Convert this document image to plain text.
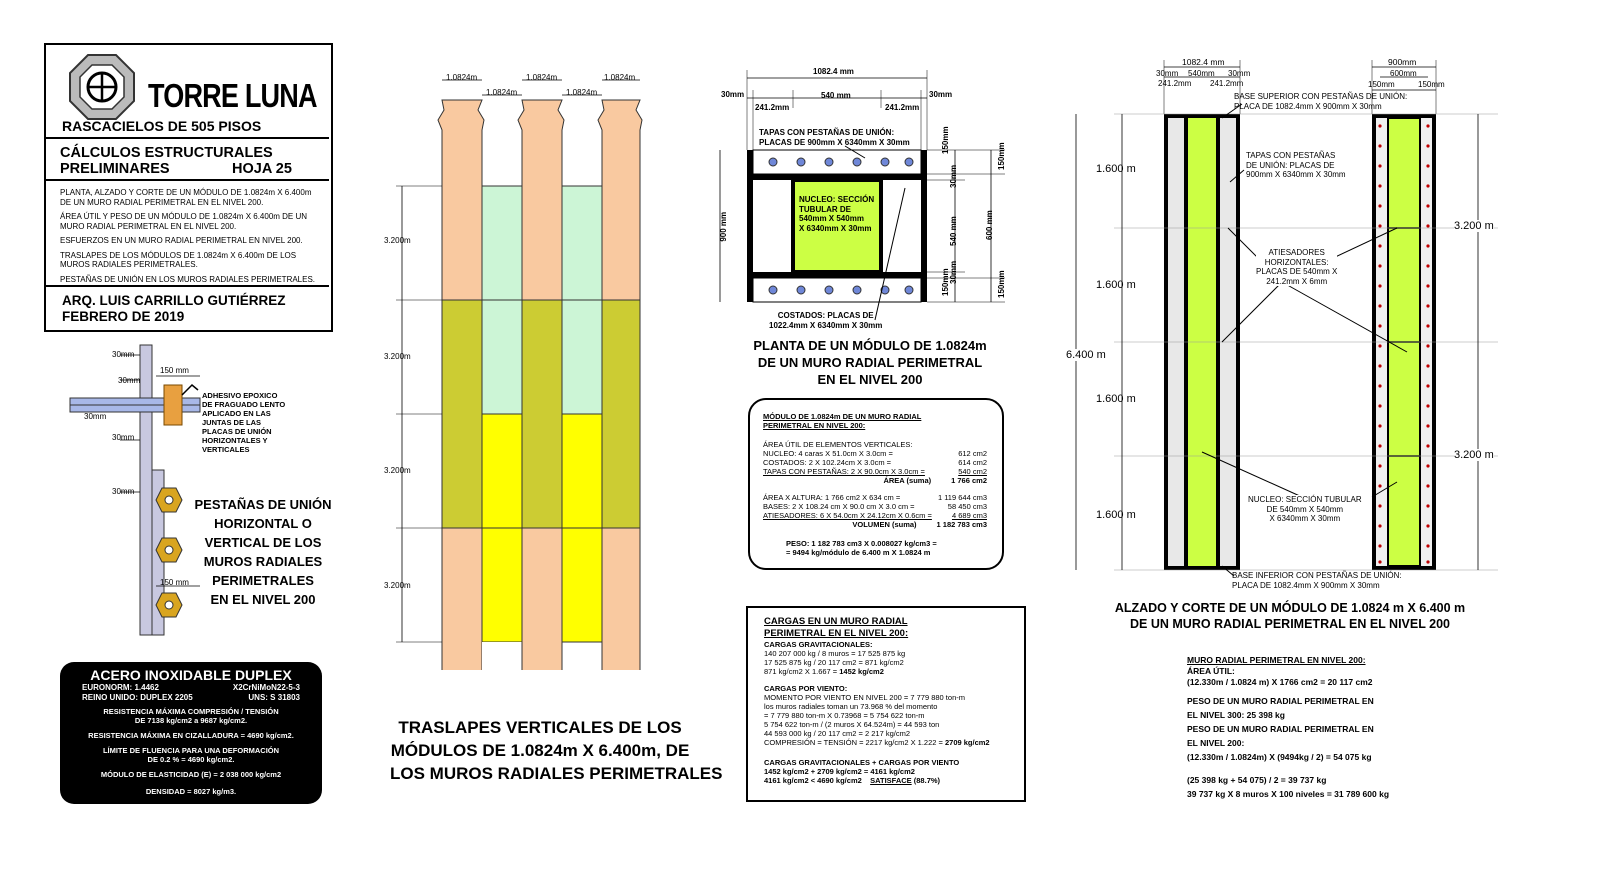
TORRE LUNA
RASCACIELOS DE 505 PISOS
CÁLCULOS ESTRUCTURALES
PRELIMINARES	HOJA 25
PLANTA, ALZADO Y CORTE DE UN MÓDULO DE 1.0824m X 6.400m DE UN MURO RADIAL PERIMETRAL EN EL NIVEL 200.
ÁREA ÚTIL Y PESO DE UN MÓDULO DE 1.0824m X 6.400m DE UN MURO RADIAL PERIMETRAL EN EL NIVEL 200.
ESFUERZOS EN UN MURO RADIAL PERIMETRAL EN NIVEL 200.
TRASLAPES DE LOS MÓDULOS DE 1.0824m X 6.400m DE LOS MUROS RADIALES PERIMETRALES.
PESTAÑAS DE UNIÓN EN LOS MUROS RADIALES PERIMETRALES.
ARQ. LUIS CARRILLO GUTIÉRREZ
FEBRERO DE 2019
30mm
30mm
30mm
30mm
30mm
150 mm
150 mm
ADHESIVO EPOXICO
DE FRAGUADO LENTO
APLICADO EN LAS
JUNTAS DE LAS
PLACAS DE UNIÓN
HORIZONTALES Y
VERTICALES
PESTAÑAS DE UNIÓN
HORIZONTAL O
VERTICAL DE LOS
MUROS RADIALES
PERIMETRALES
EN EL NIVEL 200
ACERO INOXIDABLE DUPLEX
EURONORM: 1.4462	X2CrNiMoN22-5-3
REINO UNIDO: DUPLEX 2205	UNS: S 31803
RESISTENCIA MÁXIMA COMPRESIÓN / TENSIÓN
DE 7138 kg/cm2 a 9687 kg/cm2.
RESISTENCIA MÁXIMA EN CIZALLADURA = 4690 kg/cm2.
LÍMITE DE FLUENCIA PARA UNA DEFORMACIÓN
DE 0.2 % = 4690 kg/cm2.
MÓDULO DE ELASTICIDAD (E) = 2 038 000 kg/cm2
DENSIDAD = 8027 kg/m3.
1.0824m
1.0824m
1.0824m
1.0824m
1.0824m
3.200m
3.200m
3.200m
3.200m
TRASLAPES VERTICALES DE LOS
MÓDULOS DE 1.0824m X 6.400m, DE
LOS MUROS RADIALES PERIMETRALES
1082.4 mm
30mm	30mm
241.2mm
540 mm
241.2mm
900 mm
150mm
30mm
540 mm
30mm
150mm
150mm
600 mm
150mm
TAPAS CON PESTAÑAS DE UNIÓN:
PLACAS DE 900mm X 6340mm X 30mm
NUCLEO: SECCIÓN
TUBULAR DE
540mm X 540mm
X 6340mm X 30mm
COSTADOS: PLACAS DE
1022.4mm X 6340mm X 30mm
PLANTA DE UN MÓDULO DE 1.0824m
DE UN MURO RADIAL PERIMETRAL
EN EL NIVEL 200
MÓDULO DE 1.0824m DE UN MURO RADIAL
PERIMETRAL EN NIVEL 200:
ÁREA ÚTIL DE ELEMENTOS VERTICALES:
NUCLEO: 4 caras X 51.0cm X 3.0cm =	612 cm2
COSTADOS: 2 X 102.24cm X 3.0cm =	614 cm2
TAPAS CON PESTAÑAS: 2 X 90.0cm X 3.0cm =	540 cm2
ÁREA (suma)	1 766 cm2
ÁREA X ALTURA: 1 766 cm2 X 634 cm =	1 119 644 cm3
BASES: 2 X 108.24 cm X 90.0 cm X 3.0 cm =	58 450 cm3
ATIESADORES: 6 X 54.0cm X 24.12cm X 0.6cm =	4 689 cm3
VOLUMEN (suma)	1 182 783 cm3
PESO: 1 182 783 cm3 X 0.008027 kg/cm3 =
= 9494 kg/módulo de 6.400 m X 1.0824 m
CARGAS EN UN MURO RADIAL
PERIMETRAL EN EL NIVEL 200:
CARGAS GRAVITACIONALES:
140 207 000 kg / 8 muros = 17 525 875 kg
17 525 875 kg / 20 117 cm2 = 871 kg/cm2
871 kg/cm2 X 1.667 = 1452 kg/cm2
CARGAS POR VIENTO:
MOMENTO POR VIENTO EN NIVEL 200 = 7 779 880 ton-m
los muros radiales toman un 73.968 % del momento
= 7 779 880 ton-m X 0.73968 = 5 754 622 ton-m
5 754 622 ton-m / (2 muros X 64.524m) = 44 593 ton
44 593 000 kg / 20 117 cm2 = 2 217 kg/cm2
COMPRESIÓN = TENSIÓN = 2217 kg/cm2 X 1.222 = 2709 kg/cm2
CARGAS GRAVITACIONALES + CARGAS POR VIENTO
1452 kg/cm2 + 2709 kg/cm2 = 4161 kg/cm2
4161 kg/cm2 < 4690 kg/cm2 SATISFACE (88.7%)
1082.4 mm
30mm 540mm 30mm
241.2mm 241.2mm
900mm
600mm
150mm	150mm
1.600 m
1.600 m
1.600 m
1.600 m
6.400 m
3.200 m
3.200 m
BASE SUPERIOR CON PESTAÑAS DE UNIÓN:
PLACA DE 1082.4mm X 900mm X 30mm
TAPAS CON PESTAÑAS
DE UNIÓN: PLACAS DE
900mm X 6340mm X 30mm
ATIESADORES
HORIZONTALES:
PLACAS DE 540mm X
241.2mm X 6mm
NUCLEO: SECCIÓN TUBULAR
DE 540mm X 540mm
X 6340mm X 30mm
BASE INFERIOR CON PESTAÑAS DE UNIÓN:
PLACA DE 1082.4mm X 900mm X 30mm
ALZADO Y CORTE DE UN MÓDULO DE 1.0824 m X 6.400 m
DE UN MURO RADIAL PERIMETRAL EN EL NIVEL 200
MURO RADIAL PERIMETRAL EN NIVEL 200:
ÁREA ÚTIL:
(12.330m / 1.0824 m) X 1766 cm2 = 20 117 cm2
PESO DE UN MURO RADIAL PERIMETRAL EN
EL NIVEL 300: 25 398 kg
PESO DE UN MURO RADIAL PERIMETRAL EN
EL NIVEL 200:
(12.330m / 1.0824m) X (9494kg / 2) = 54 075 kg
(25 398 kg + 54 075) / 2 = 39 737 kg
39 737 kg X 8 muros X 100 niveles = 31 789 600 kg
